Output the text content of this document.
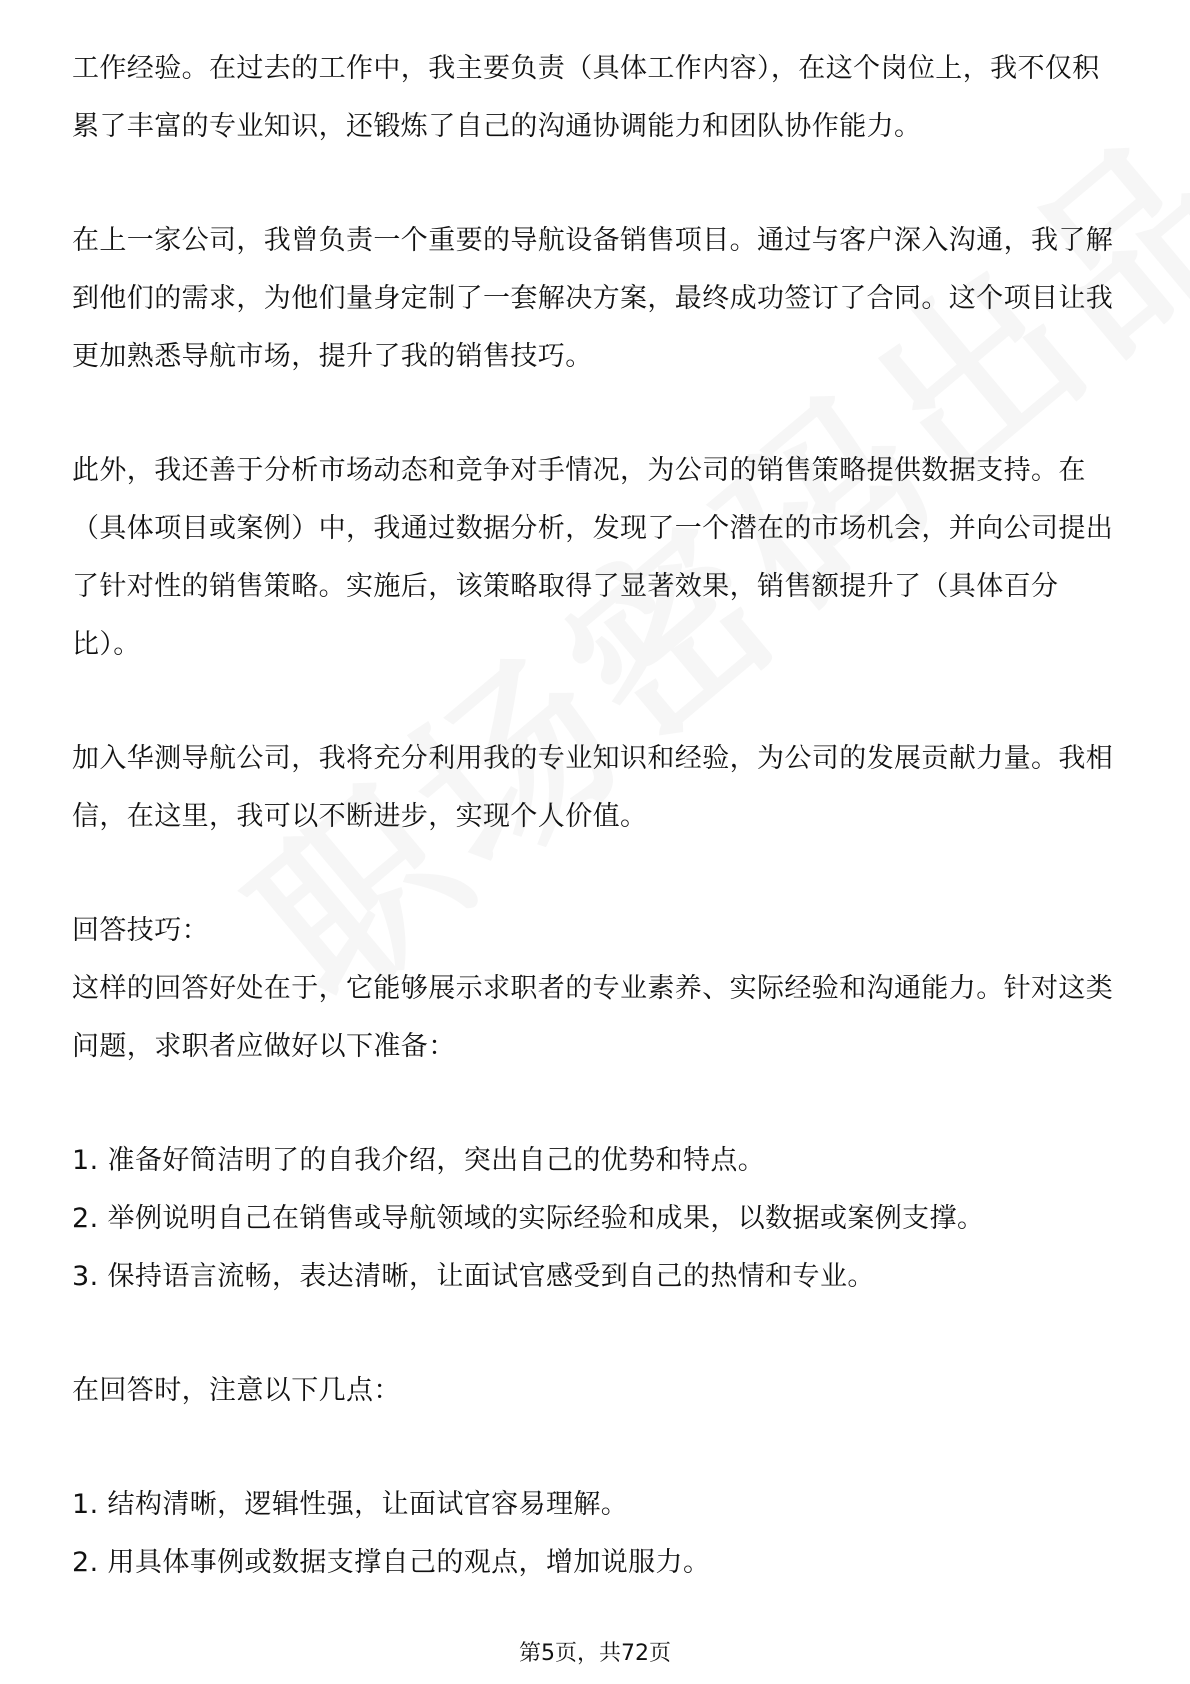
工作经验。在过去的工作中，我主要负责（具体工作内容），在这个岗位上，我不仅积累了丰富的专业知识，还锻炼了自己的沟通协调能力和团队协作能力。

在上一家公司，我曾负责一个重要的导航设备销售项目。通过与客户深入沟通，我了解到他们的需求，为他们量身定制了一套解决方案，最终成功签订了合同。这个项目让我更加熟悉导航市场，提升了我的销售技巧。

此外，我还善于分析市场动态和竞争对手情况，为公司的销售策略提供数据支持。在（具体项目或案例）中，我通过数据分析，发现了一个潜在的市场机会，并向公司提出了针对性的销售策略。实施后，该策略取得了显著效果，销售额提升了（具体百分比）。

加入华测导航公司，我将充分利用我的专业知识和经验，为公司的发展贡献力量。我相信，在这里，我可以不断进步，实现个人价值。

回答技巧：

这样的回答好处在于，它能够展示求职者的专业素养、实际经验和沟通能力。针对这类问题，求职者应做好以下准备：

1. 准备好简洁明了的自我介绍，突出自己的优势和特点。

2. 举例说明自己在销售或导航领域的实际经验和成果，以数据或案例支撑。

3. 保持语言流畅，表达清晰，让面试官感受到自己的热情和专业。

在回答时，注意以下几点：

1. 结构清晰，逻辑性强，让面试官容易理解。

2. 用具体事例或数据支撑自己的观点，增加说服力。

第5页，共72页
